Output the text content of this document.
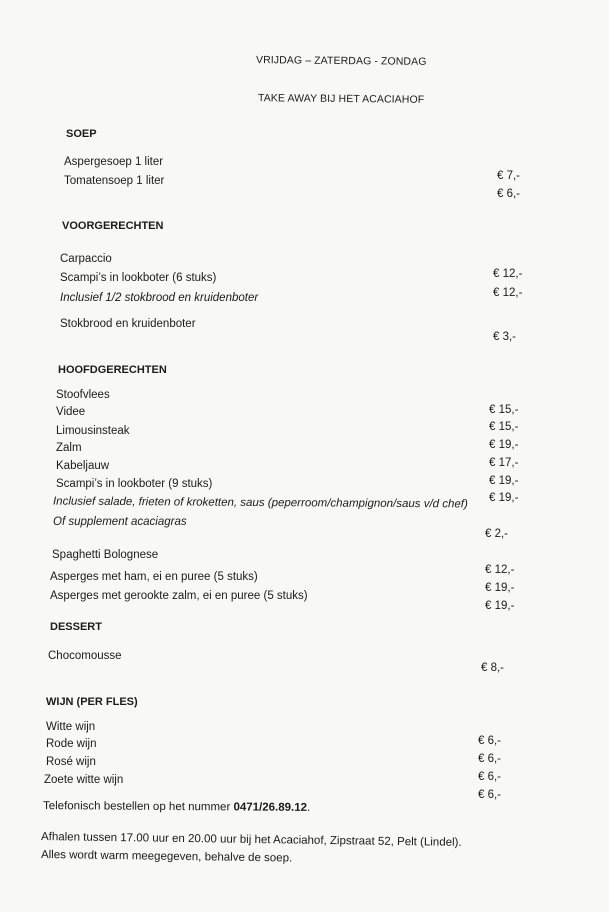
VRIJDAG – ZATERDAG - ZONDAG
TAKE AWAY BIJ HET ACACIAHOF
SOEP
Aspergesoep 1 liter
Tomatensoep 1 liter	€ 7,-
€ 6,-
VOORGERECHTEN
Carpaccio
Scampi’s in lookboter (6 stuks)
Inclusief 1/2 stokbrood en kruidenboter
Stokbrood en kruidenboter
€ 12,-
€ 12,-
€ 3,-
HOOFDGERECHTEN
Stoofvlees
Videe
Limousinsteak
Zalm
Kabeljauw
Scampi’s in lookboter (9 stuks)
Inclusief salade, frieten of kroketten, saus (peperroom/champignon/saus v/d chef)
Of supplement acaciagras
€ 15,-
€ 15,-
€ 19,-
€ 17,-
€ 19,-
€ 19,-
€ 2,-
Spaghetti Bolognese
Asperges met ham, ei en puree (5 stuks)
Asperges met gerookte zalm, ei en puree (5 stuks)
€ 12,-
€ 19,-
€ 19,-
DESSERT
Chocomousse
€ 8,-
WIJN (PER FLES)
Witte wijn
Rode wijn
Rosé wijn
Zoete witte wijn
€ 6,-
€ 6,-
€ 6,-
€ 6,-
Telefonisch bestellen op het nummer 0471/26.89.12.
Afhalen tussen 17.00 uur en 20.00 uur bij het Acaciahof, Zipstraat 52, Pelt (Lindel).
Alles wordt warm meegegeven, behalve de soep.
